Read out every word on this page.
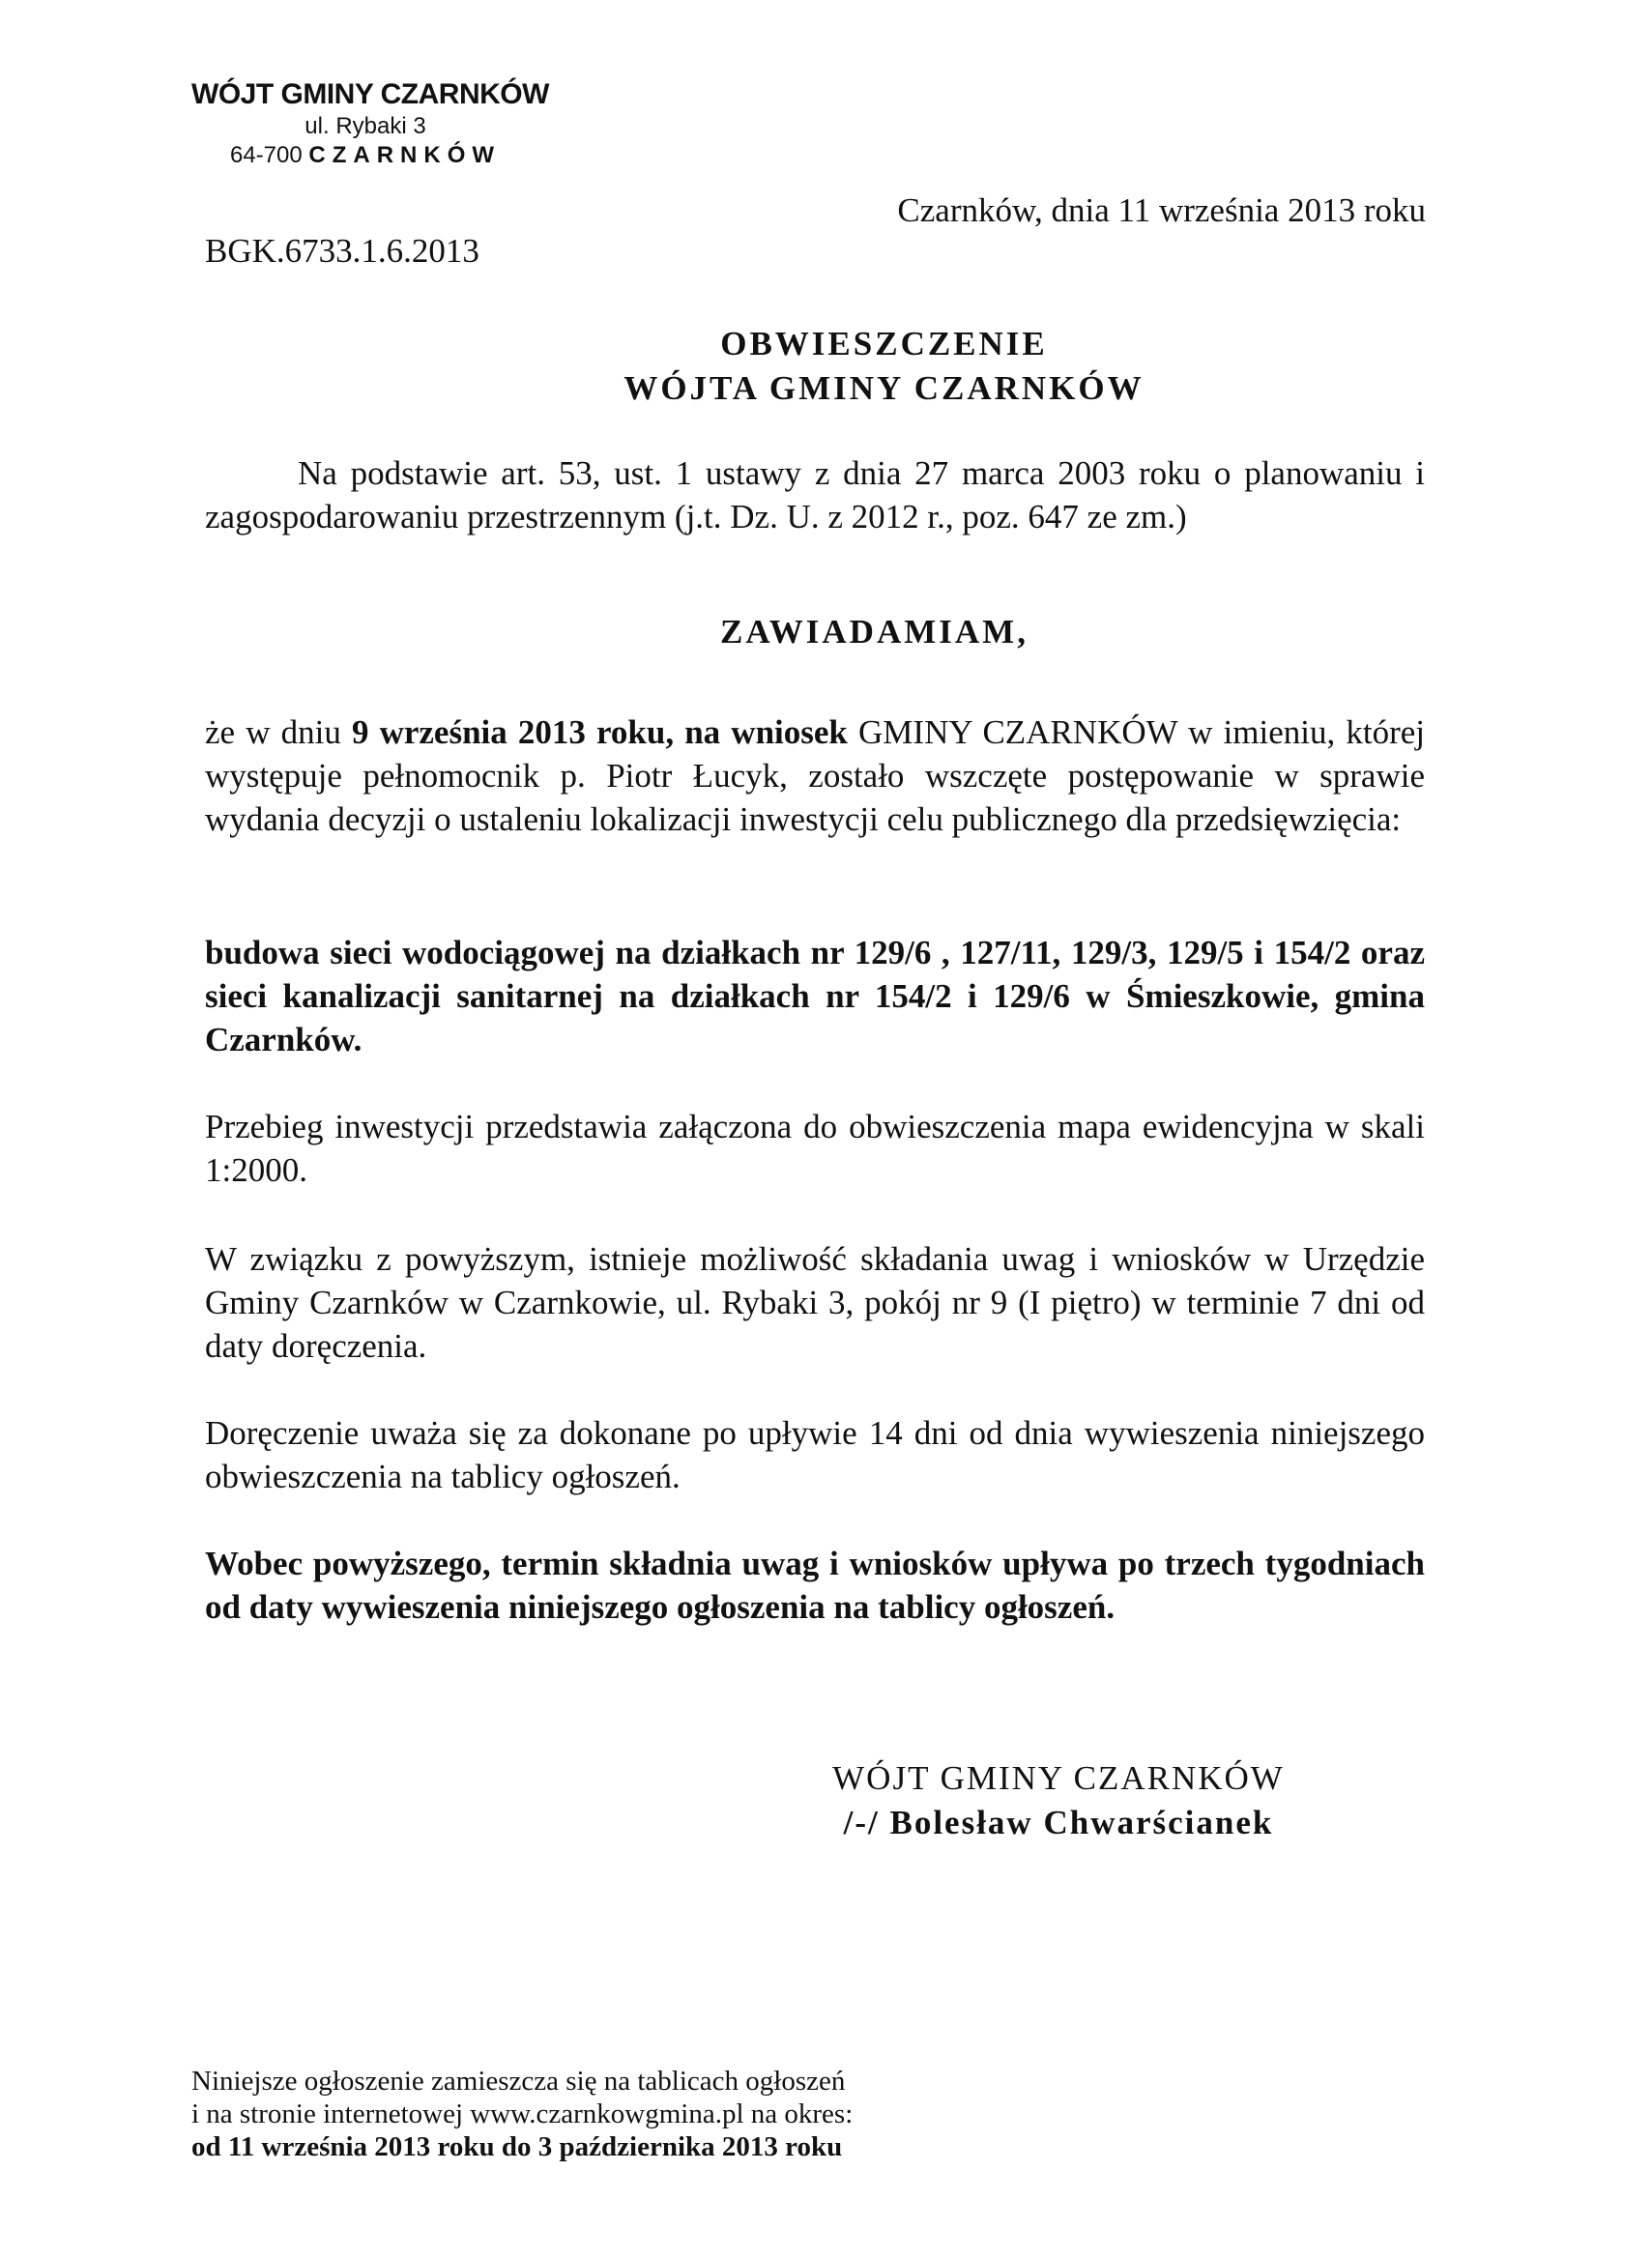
WÓJT GMINY CZARNKÓW
ul. Rybaki 3
64-700 CZARNKÓW
Czarnków, dnia 11 września 2013 roku
BGK.6733.1.6.2013
OBWIESZCZENIE
WÓJTA GMINY CZARNKÓW
Na podstawie art. 53, ust. 1 ustawy z dnia 27 marca 2003 roku o planowaniu i zagospodarowaniu przestrzennym (j.t. Dz. U. z 2012 r., poz. 647 ze zm.)
ZAWIADAMIAM,
że w dniu 9 września 2013 roku, na wniosek GMINY CZARNKÓW w imieniu, której występuje pełnomocnik p. Piotr Łucyk, zostało wszczęte postępowanie w sprawie wydania decyzji o ustaleniu lokalizacji inwestycji celu publicznego dla przedsięwzięcia:
budowa sieci wodociągowej na działkach nr 129/6 , 127/11, 129/3, 129/5 i 154/2 oraz sieci kanalizacji sanitarnej na działkach nr 154/2 i 129/6 w Śmieszkowie, gmina Czarnków.
Przebieg inwestycji przedstawia załączona do obwieszczenia mapa ewidencyjna w skali 1:2000.
W związku z powyższym, istnieje możliwość składania uwag i wniosków w Urzędzie Gminy Czarnków w Czarnkowie, ul. Rybaki 3, pokój nr 9 (I piętro) w terminie 7 dni od daty doręczenia.
Doręczenie uważa się za dokonane po upływie 14 dni od dnia wywieszenia niniejszego obwieszczenia na tablicy ogłoszeń.
Wobec powyższego, termin składnia uwag i wniosków upływa po trzech tygodniach od daty wywieszenia niniejszego ogłoszenia na tablicy ogłoszeń.
WÓJT GMINY CZARNKÓW
/-/ Bolesław Chwarścianek
Niniejsze ogłoszenie zamieszcza się na tablicach ogłoszeń
i na stronie internetowej www.czarnkowgmina.pl na okres:
od 11 września 2013 roku do 3 października 2013 roku
